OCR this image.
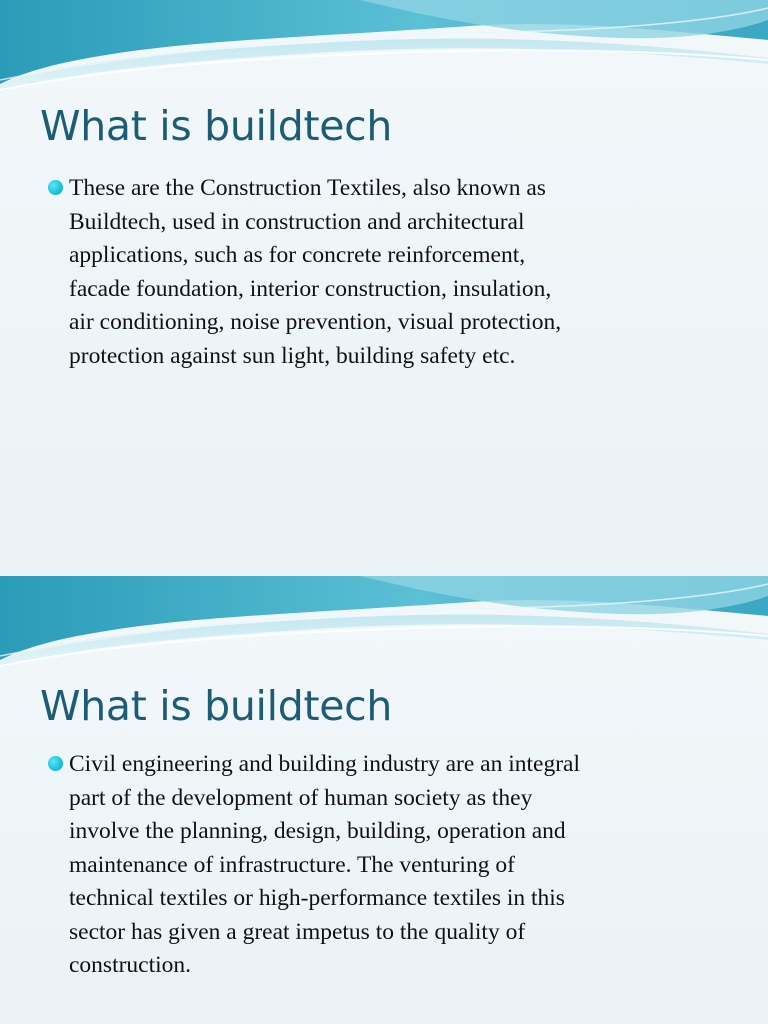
What is buildtech

These are the Construction Textiles, also known as
Buildtech, used in construction and architectural
applications, such as for concrete reinforcement,
facade foundation, interior construction, insulation,
air conditioning, noise prevention, visual protection,
protection against sun light, building safety etc.

What is buildtech

Civil engineering and building industry are an integral
part of the development of human society as they
involve the planning, design, building, operation and
maintenance of infrastructure. The venturing of
technical textiles or high-performance textiles in this
sector has given a great impetus to the quality of
construction.
